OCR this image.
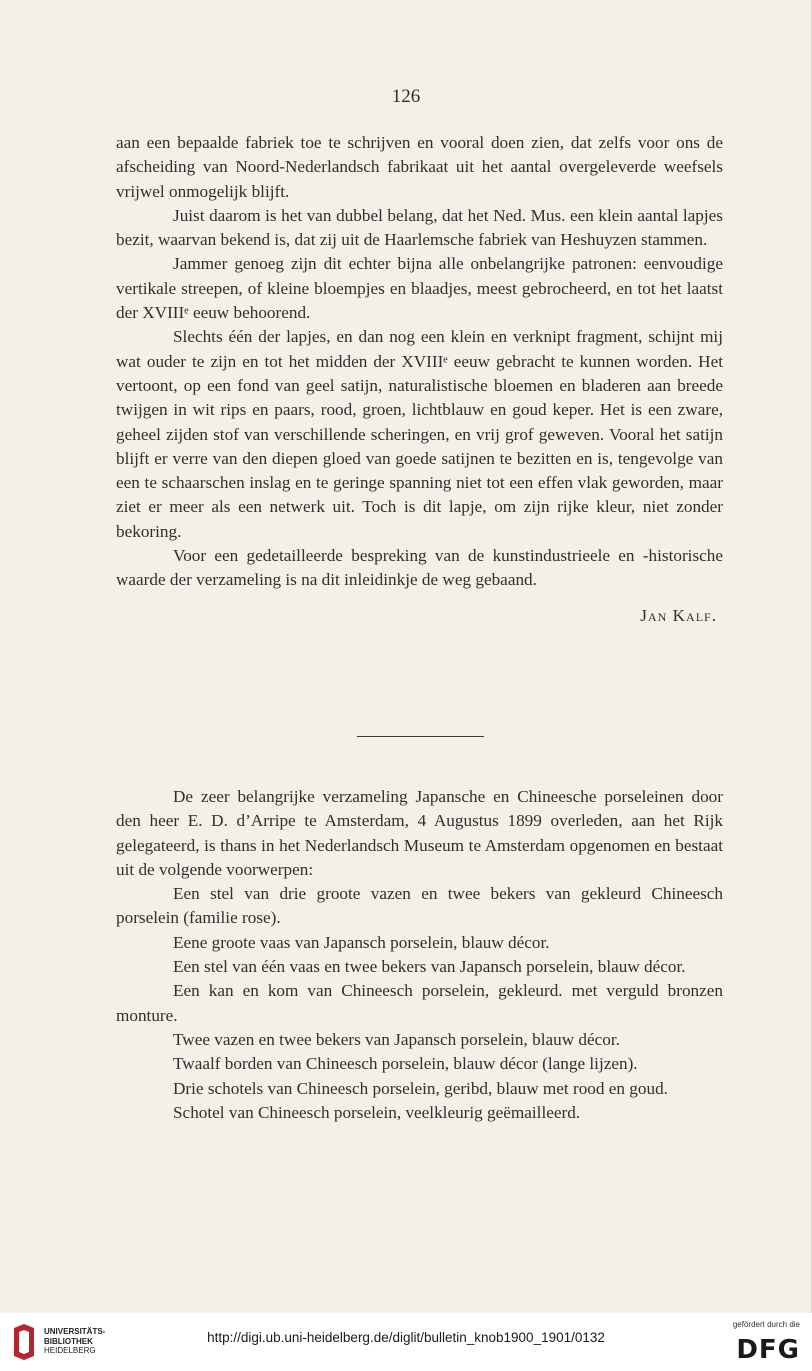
126

aan een bepaalde fabriek toe te schrijven en vooral doen zien, dat zelfs voor ons de afscheiding van Noord-Nederlandsch fabrikaat uit het aantal overgeleverde weefsels vrijwel onmogelijk blijft.

Juist daarom is het van dubbel belang, dat het Ned. Mus. een klein aantal lapjes bezit, waarvan bekend is, dat zij uit de Haarlemsche fabriek van Heshuyzen stammen.

Jammer genoeg zijn dit echter bijna alle onbelangrijke patronen: eenvoudige vertikale streepen, of kleine bloempjes en blaadjes, meest gebrocheerd, en tot het laatst der XVIIIᵉ eeuw behoorend.

Slechts één der lapjes, en dan nog een klein en verknipt fragment, schijnt mij wat ouder te zijn en tot het midden der XVIIIᵉ eeuw gebracht te kunnen worden. Het vertoont, op een fond van geel satijn, naturalistische bloemen en bladeren aan breede twijgen in wit rips en paars, rood, groen, lichtblauw en goud keper. Het is een zware, geheel zijden stof van verschillende scheringen, en vrij grof geweven. Vooral het satijn blijft er verre van den diepen gloed van goede satijnen te bezitten en is, tengevolge van een te schaarschen inslag en te geringe spanning niet tot een effen vlak geworden, maar ziet er meer als een netwerk uit. Toch is dit lapje, om zijn rijke kleur, niet zonder bekoring.

Voor een gedetailleerde bespreking van de kunstindustrieele en -historische waarde der verzameling is na dit inleidinkje de weg gebaand.

Jan Kalf.

De zeer belangrijke verzameling Japansche en Chineesche porseleinen door den heer E. D. d’Arripe te Amsterdam, 4 Augustus 1899 overleden, aan het Rijk gelegateerd, is thans in het Nederlandsch Museum te Amsterdam opgenomen en bestaat uit de volgende voorwerpen:

Een stel van drie groote vazen en twee bekers van gekleurd Chineesch porselein (familie rose).

Eene groote vaas van Japansch porselein, blauw décor.

Een stel van één vaas en twee bekers van Japansch porselein, blauw décor.

Een kan en kom van Chineesch porselein, gekleurd. met verguld bronzen monture.

Twee vazen en twee bekers van Japansch porselein, blauw décor.

Twaalf borden van Chineesch porselein, blauw décor (lange lijzen).

Drie schotels van Chineesch porselein, geribd, blauw met rood en goud.

Schotel van Chineesch porselein, veelkleurig geëmailleerd.

UNIVERSITÄTS-
BIBLIOTHEK
HEIDELBERG
http://digi.ub.uni-heidelberg.de/diglit/bulletin_knob1900_1901/0132
gefördert durch die
DFG
